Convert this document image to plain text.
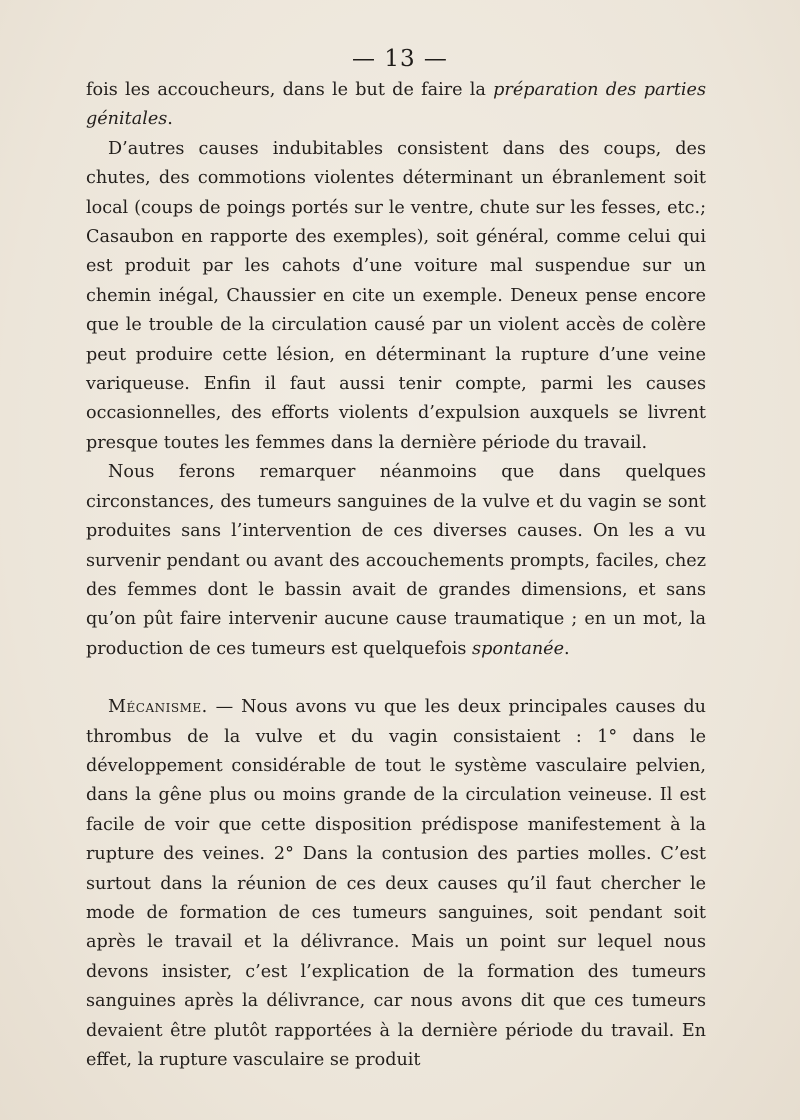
— 13 —

fois les accoucheurs, dans le but de faire la préparation des parties génitales.

D’autres causes indubitables consistent dans des coups, des chutes, des commotions violentes déterminant un ébranlement soit local (coups de poings portés sur le ventre, chute sur les fesses, etc.; Casaubon en rapporte des exemples), soit général, comme celui qui est produit par les cahots d’une voiture mal suspendue sur un chemin inégal, Chaussier en cite un exemple. Deneux pense encore que le trouble de la circulation causé par un violent accès de colère peut produire cette lésion, en déterminant la rupture d’une veine variqueuse. Enfin il faut aussi tenir compte, parmi les causes occasionnelles, des efforts violents d’expulsion auxquels se livrent presque toutes les femmes dans la dernière période du travail.

Nous ferons remarquer néanmoins que dans quelques circonstances, des tumeurs sanguines de la vulve et du vagin se sont produites sans l’intervention de ces diverses causes. On les a vu survenir pendant ou avant des accouchements prompts, faciles, chez des femmes dont le bassin avait de grandes dimensions, et sans qu’on pût faire intervenir aucune cause traumatique ; en un mot, la production de ces tumeurs est quelquefois spontanée.

Mécanisme. — Nous avons vu que les deux principales causes du thrombus de la vulve et du vagin consistaient : 1° dans le développement considérable de tout le système vasculaire pelvien, dans la gêne plus ou moins grande de la circulation veineuse. Il est facile de voir que cette disposition prédispose manifestement à la rupture des veines. 2° Dans la contusion des parties molles. C’est surtout dans la réunion de ces deux causes qu’il faut chercher le mode de formation de ces tumeurs sanguines, soit pendant soit après le travail et la délivrance. Mais un point sur lequel nous devons insister, c’est l’explication de la formation des tumeurs sanguines après la délivrance, car nous avons dit que ces tumeurs devaient être plutôt rapportées à la dernière période du travail. En effet, la rupture vasculaire se produit
